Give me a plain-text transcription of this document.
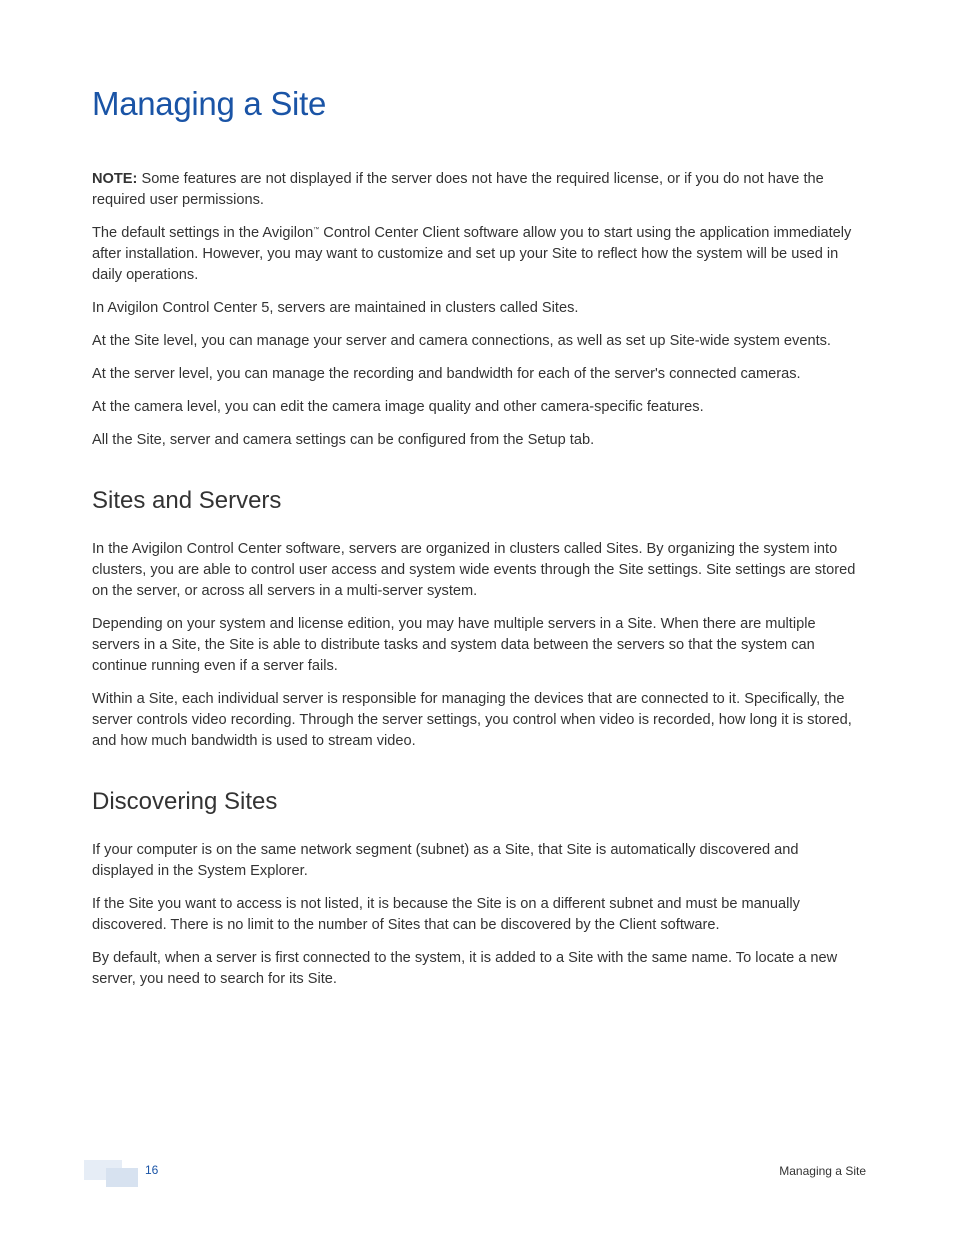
Managing a Site

NOTE: Some features are not displayed if the server does not have the required license, or if you do not have the required user permissions.

The default settings in the Avigilon™ Control Center Client software allow you to start using the application immediately after installation. However, you may want to customize and set up your Site to reflect how the system will be used in daily operations.

In Avigilon Control Center 5, servers are maintained in clusters called Sites.

At the Site level, you can manage your server and camera connections, as well as set up Site-wide system events.

At the server level, you can manage the recording and bandwidth for each of the server's connected cameras.

At the camera level, you can edit the camera image quality and other camera-specific features.

All the Site, server and camera settings can be configured from the Setup tab.

Sites and Servers

In the Avigilon Control Center software, servers are organized in clusters called Sites. By organizing the system into clusters, you are able to control user access and system wide events through the Site settings. Site settings are stored on the server, or across all servers in a multi-server system.

Depending on your system and license edition, you may have multiple servers in a Site. When there are multiple servers in a Site, the Site is able to distribute tasks and system data between the servers so that the system can continue running even if a server fails.

Within a Site, each individual server is responsible for managing the devices that are connected to it. Specifically, the server controls video recording. Through the server settings, you control when video is recorded, how long it is stored, and how much bandwidth is used to stream video.

Discovering Sites

If your computer is on the same network segment (subnet) as a Site, that Site is automatically discovered and displayed in the System Explorer.

If the Site you want to access is not listed, it is because the Site is on a different subnet and must be manually discovered. There is no limit to the number of Sites that can be discovered by the Client software.

By default, when a server is first connected to the system, it is added to a Site with the same name. To locate a new server, you need to search for its Site.

16	Managing a Site
